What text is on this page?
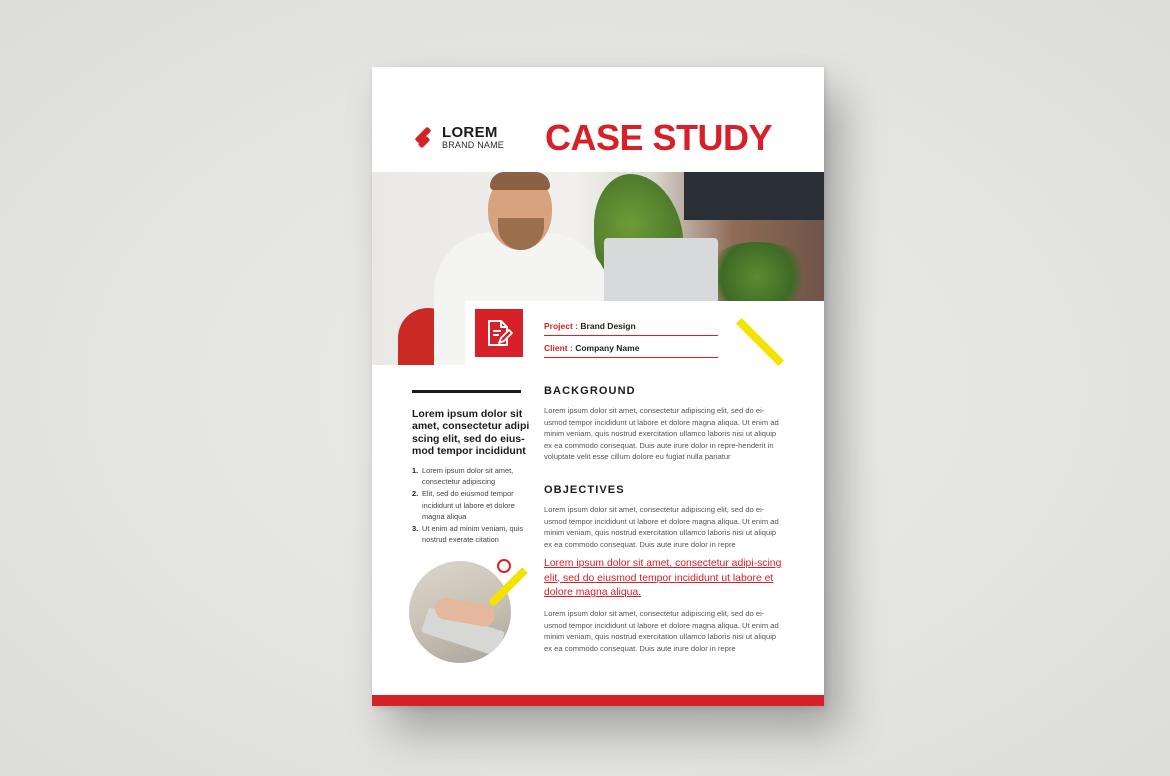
LOREM
BRAND NAME CASE STUDY
Project : Brand Design
Client : Company Name
Lorem ipsum dolor sit amet, consectetur adipi scing elit, sed do eius-mod tempor incididunt
1. Lorem ipsum dolor sit amet, consectetur adipiscing
2. Elit, sed do eiusmod tempor incididunt ut labore et dolore magna aliqua
3. Ut enim ad minim veniam, quis nostrud exerate citation
BACKGROUND
Lorem ipsum dolor sit amet, consectetur adipiscing elit, sed do ei-usmod tempor incididunt ut labore et dolore magna aliqua. Ut enim ad minim veniam, quis nostrud exercitation ullamco laboris nisi ut aliquip ex ea commodo consequat. Duis aute irure dolor in repre-henderit in voluptate velit esse cillum dolore eu fugiat nulla pariatur
OBJECTIVES
Lorem ipsum dolor sit amet, consectetur adipiscing elit, sed do ei-usmod tempor incididunt ut labore et dolore magna aliqua. Ut enim ad minim veniam, quis nostrud exercitation ullamco laboris nisi ut aliquip ex ea commodo consequat. Duis aute irure dolor in repre
Lorem ipsum dolor sit amet, consectetur adipi-scing elit, sed do eiusmod tempor incididunt ut labore et dolore magna aliqua.
Lorem ipsum dolor sit amet, consectetur adipiscing elit, sed do ei-usmod tempor incididunt ut labore et dolore magna aliqua. Ut enim ad minim veniam, quis nostrud exercitation ullamco laboris nisi ut aliquip ex ea commodo consequat. Duis aute irure dolor in repre
